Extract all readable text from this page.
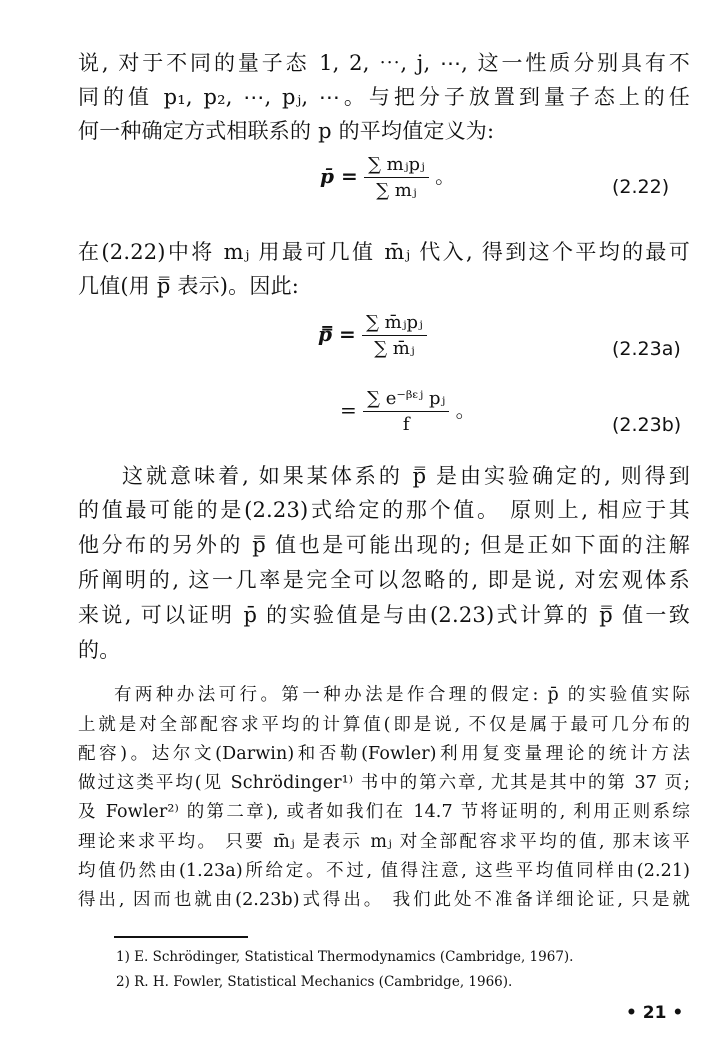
说, 对于不同的量子态 1, 2, ⋯, j, ⋯, 这一性质分别具有不
同的值 p₁, p₂, ⋯, pⱼ, ⋯。与把分子放置到量子态上的任
何一种确定方式相联系的 p 的平均值定义为:
p̄ = $\frac{\text{∑ mⱼpⱼ}}{\text{∑ mⱼ}}$ 。	(2.22)
在(2.22)中将 mⱼ 用最可几值 m̄ⱼ 代入, 得到这个平均的最可
几值(用 p̿ 表示)。因此:
p̿ = $\frac{\text{∑ m̄ⱼpⱼ}}{\text{∑ m̄ⱼ}}$	(2.23a)
= $\frac{\text{∑ e⁻ᵝᵋʲ pⱼ}}{f}$ 。
(2.23b)
这就意味着, 如果某体系的 p̿ 是由实验确定的, 则得到
的值最可能的是(2.23)式给定的那个值。 原则上, 相应于其
他分布的另外的 p̿ 值也是可能出现的; 但是正如下面的注解
所阐明的, 这一几率是完全可以忽略的, 即是说, 对宏观体系
来说, 可以证明 p̄ 的实验值是与由(2.23)式计算的 p̿ 值一致
的。
有两种办法可行。第一种办法是作合理的假定: p̄ 的实验值实际
上就是对全部配容求平均的计算值(即是说, 不仅是属于最可几分布的
配容)。达尔文(Darwin)和否勒(Fowler)利用复变量理论的统计方法
做过这类平均(见 Schrödinger¹⁾ 书中的第六章, 尤其是其中的第 37 页;
及 Fowler²⁾ 的第二章), 或者如我们在 14.7 节将证明的, 利用正则系综
理论来求平均。 只要 m̄ⱼ 是表示 mⱼ 对全部配容求平均的值, 那末该平
均值仍然由(1.23a)所给定。不过, 值得注意, 这些平均值同样由(2.21)
得出, 因而也就由(2.23b)式得出。 我们此处不准备详细论证, 只是就
1) E. Schrödinger, Statistical Thermodynamics (Cambridge, 1967).
2) R. H. Fowler, Statistical Mechanics (Cambridge, 1966).
• 21 •
